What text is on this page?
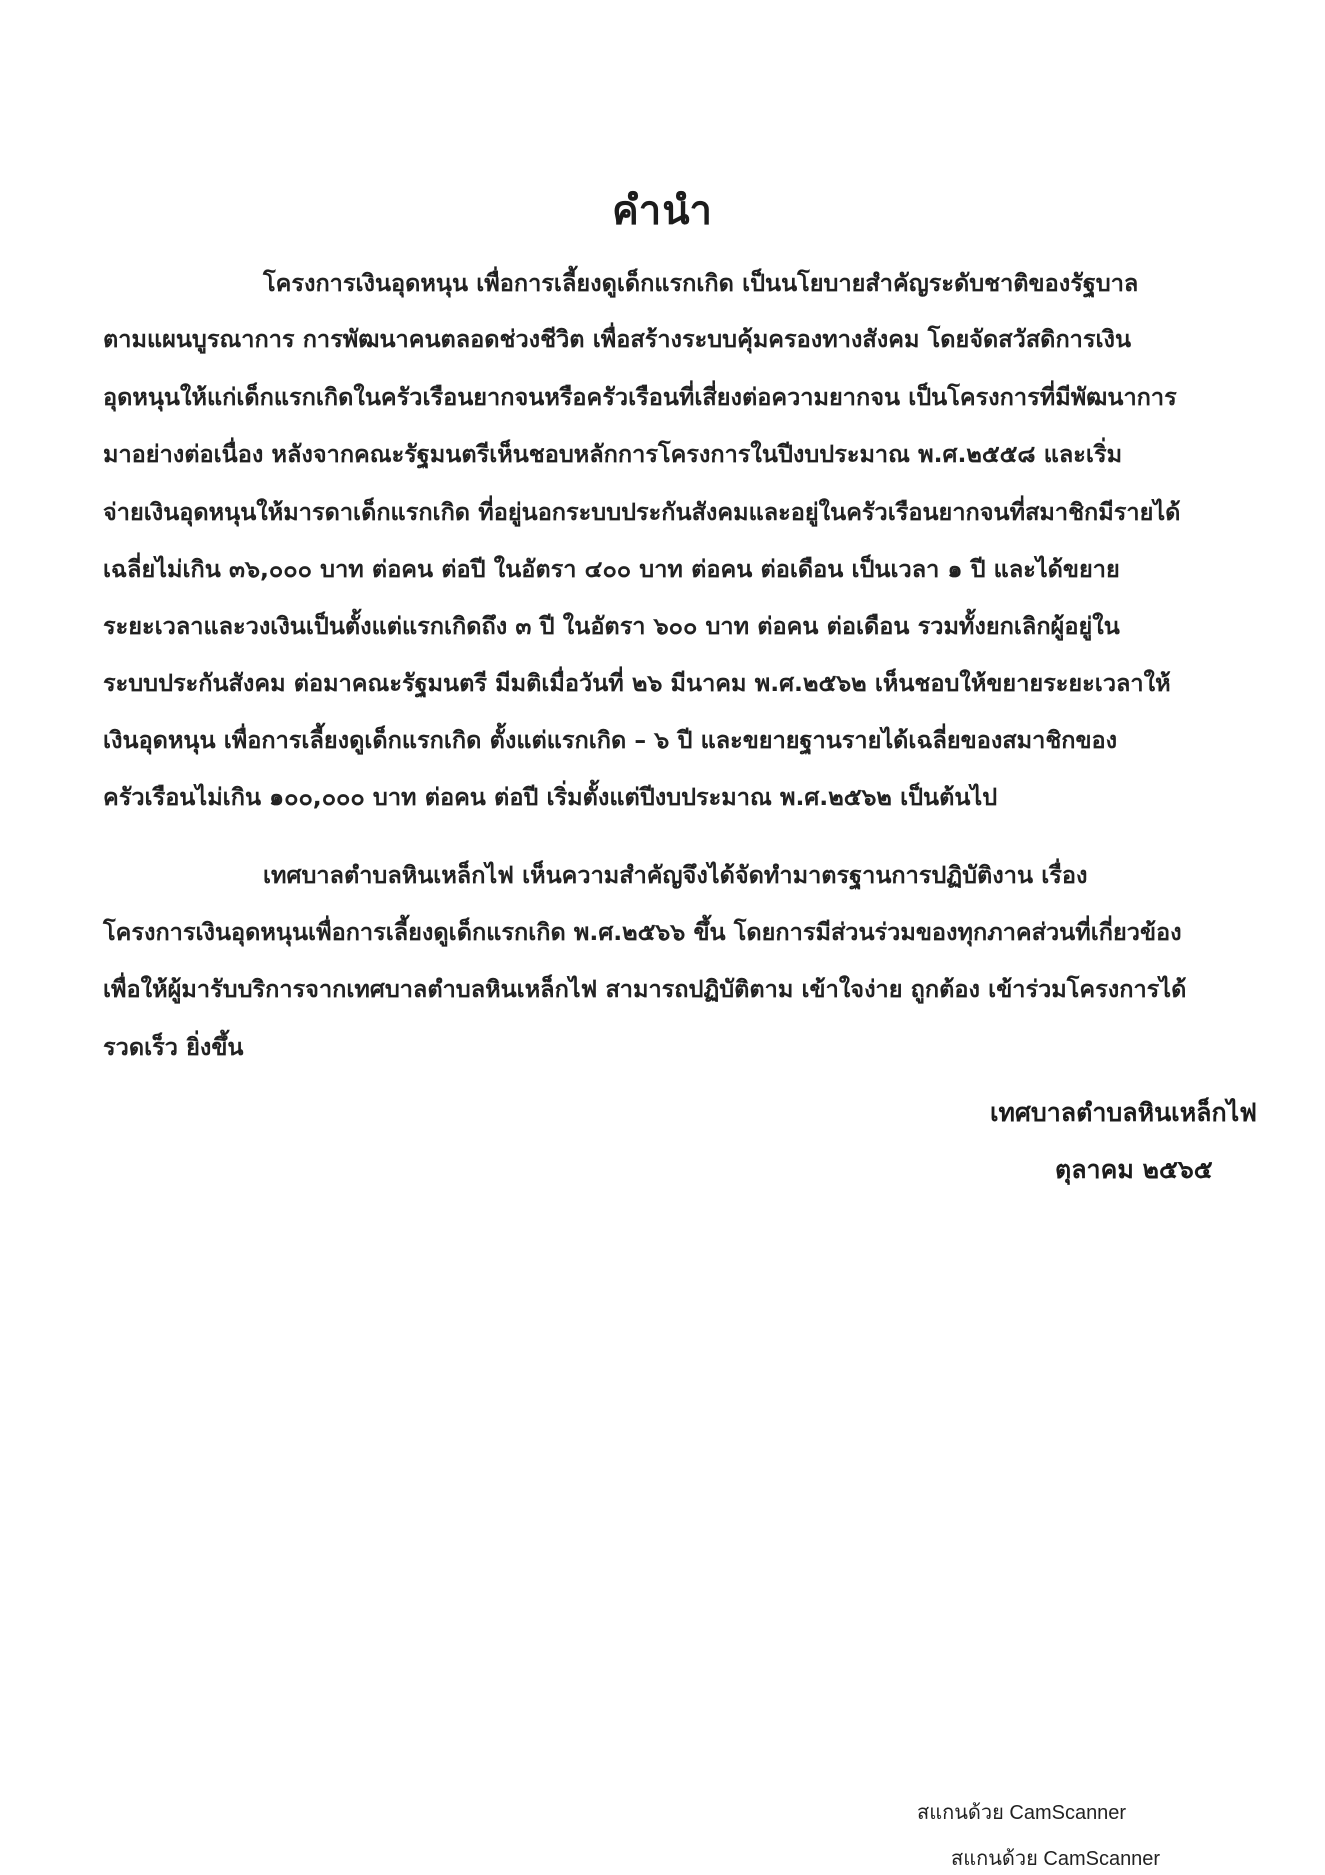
คำนำ
โครงการเงินอุดหนุน เพื่อการเลี้ยงดูเด็กแรกเกิด เป็นนโยบายสำคัญระดับชาติของรัฐบาล
ตามแผนบูรณาการ การพัฒนาคนตลอดช่วงชีวิต เพื่อสร้างระบบคุ้มครองทางสังคม โดยจัดสวัสดิการเงิน
อุดหนุนให้แก่เด็กแรกเกิดในครัวเรือนยากจนหรือครัวเรือนที่เสี่ยงต่อความยากจน เป็นโครงการที่มีพัฒนาการ
มาอย่างต่อเนื่อง หลังจากคณะรัฐมนตรีเห็นชอบหลักการโครงการในปีงบประมาณ พ.ศ.๒๕๕๘ และเริ่ม
จ่ายเงินอุดหนุนให้มารดาเด็กแรกเกิด ที่อยู่นอกระบบประกันสังคมและอยู่ในครัวเรือนยากจนที่สมาชิกมีรายได้
เฉลี่ยไม่เกิน ๓๖,๐๐๐ บาท ต่อคน ต่อปี ในอัตรา ๔๐๐ บาท ต่อคน ต่อเดือน เป็นเวลา ๑ ปี และได้ขยาย
ระยะเวลาและวงเงินเป็นตั้งแต่แรกเกิดถึง ๓ ปี ในอัตรา ๖๐๐ บาท ต่อคน ต่อเดือน รวมทั้งยกเลิกผู้อยู่ใน
ระบบประกันสังคม ต่อมาคณะรัฐมนตรี มีมติเมื่อวันที่ ๒๖ มีนาคม พ.ศ.๒๕๖๒ เห็นชอบให้ขยายระยะเวลาให้
เงินอุดหนุน เพื่อการเลี้ยงดูเด็กแรกเกิด ตั้งแต่แรกเกิด – ๖ ปี และขยายฐานรายได้เฉลี่ยของสมาชิกของ
ครัวเรือนไม่เกิน ๑๐๐,๐๐๐ บาท ต่อคน ต่อปี เริ่มตั้งแต่ปีงบประมาณ พ.ศ.๒๕๖๒ เป็นต้นไป
เทศบาลตำบลหินเหล็กไฟ เห็นความสำคัญจึงได้จัดทำมาตรฐานการปฏิบัติงาน เรื่อง
โครงการเงินอุดหนุนเพื่อการเลี้ยงดูเด็กแรกเกิด พ.ศ.๒๕๖๖ ขึ้น โดยการมีส่วนร่วมของทุกภาคส่วนที่เกี่ยวข้อง
เพื่อให้ผู้มารับบริการจากเทศบาลตำบลหินเหล็กไฟ สามารถปฏิบัติตาม เข้าใจง่าย ถูกต้อง เข้าร่วมโครงการได้
รวดเร็ว ยิ่งขึ้น
เทศบาลตำบลหินเหล็กไฟ
ตุลาคม ๒๕๖๕
สแกนด้วย CamScanner
สแกนด้วย CamScanner
